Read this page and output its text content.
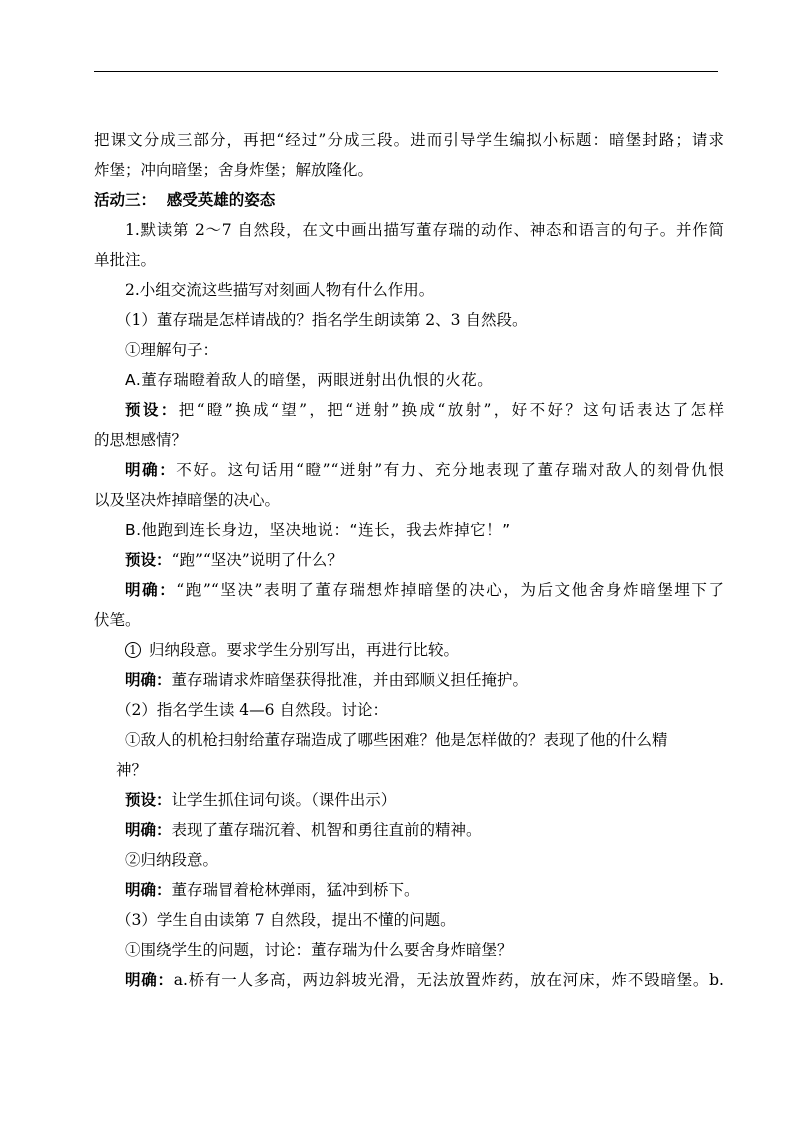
把课文分成三部分，再把“经过”分成三段。进而引导学生编拟小标题：暗堡封路；请求
炸堡；冲向暗堡；舍身炸堡；解放隆化。
活动三：  感受英雄的姿态
1.默读第 2～7 自然段，在文中画出描写董存瑞的动作、神态和语言的句子。并作简
单批注。
2.小组交流这些描写对刻画人物有什么作用。
（1）董存瑞是怎样请战的？指名学生朗读第 2、3 自然段。
①理解句子：
A.董存瑞瞪着敌人的暗堡，两眼迸射出仇恨的火花。
预设：把“瞪”换成“望”，把“迸射”换成“放射”，好不好？这句话表达了怎样
的思想感情？
明确：不好。这句话用“瞪”“迸射”有力、充分地表现了董存瑞对敌人的刻骨仇恨
以及坚决炸掉暗堡的决心。
B.他跑到连长身边，坚决地说：“连长，我去炸掉它！”
预设：“跑”“坚决”说明了什么？
明确：“跑”“坚决”表明了董存瑞想炸掉暗堡的决心，为后文他舍身炸暗堡埋下了
伏笔。
1 归纳段意。要求学生分别写出，再进行比较。
明确：董存瑞请求炸暗堡获得批准，并由郅顺义担任掩护。
（2）指名学生读 4—6 自然段。讨论：
①敌人的机枪扫射给董存瑞造成了哪些困难？他是怎样做的？表现了他的什么精
神？
预设：让学生抓住词句谈。（课件出示）
明确：表现了董存瑞沉着、机智和勇往直前的精神。
②归纳段意。
明确：董存瑞冒着枪林弹雨，猛冲到桥下。
（3）学生自由读第 7 自然段，提出不懂的问题。
①围绕学生的问题，讨论：董存瑞为什么要舍身炸暗堡？
明确：a.桥有一人多高，两边斜坡光滑，无法放置炸药，放在河床，炸不毁暗堡。b.
